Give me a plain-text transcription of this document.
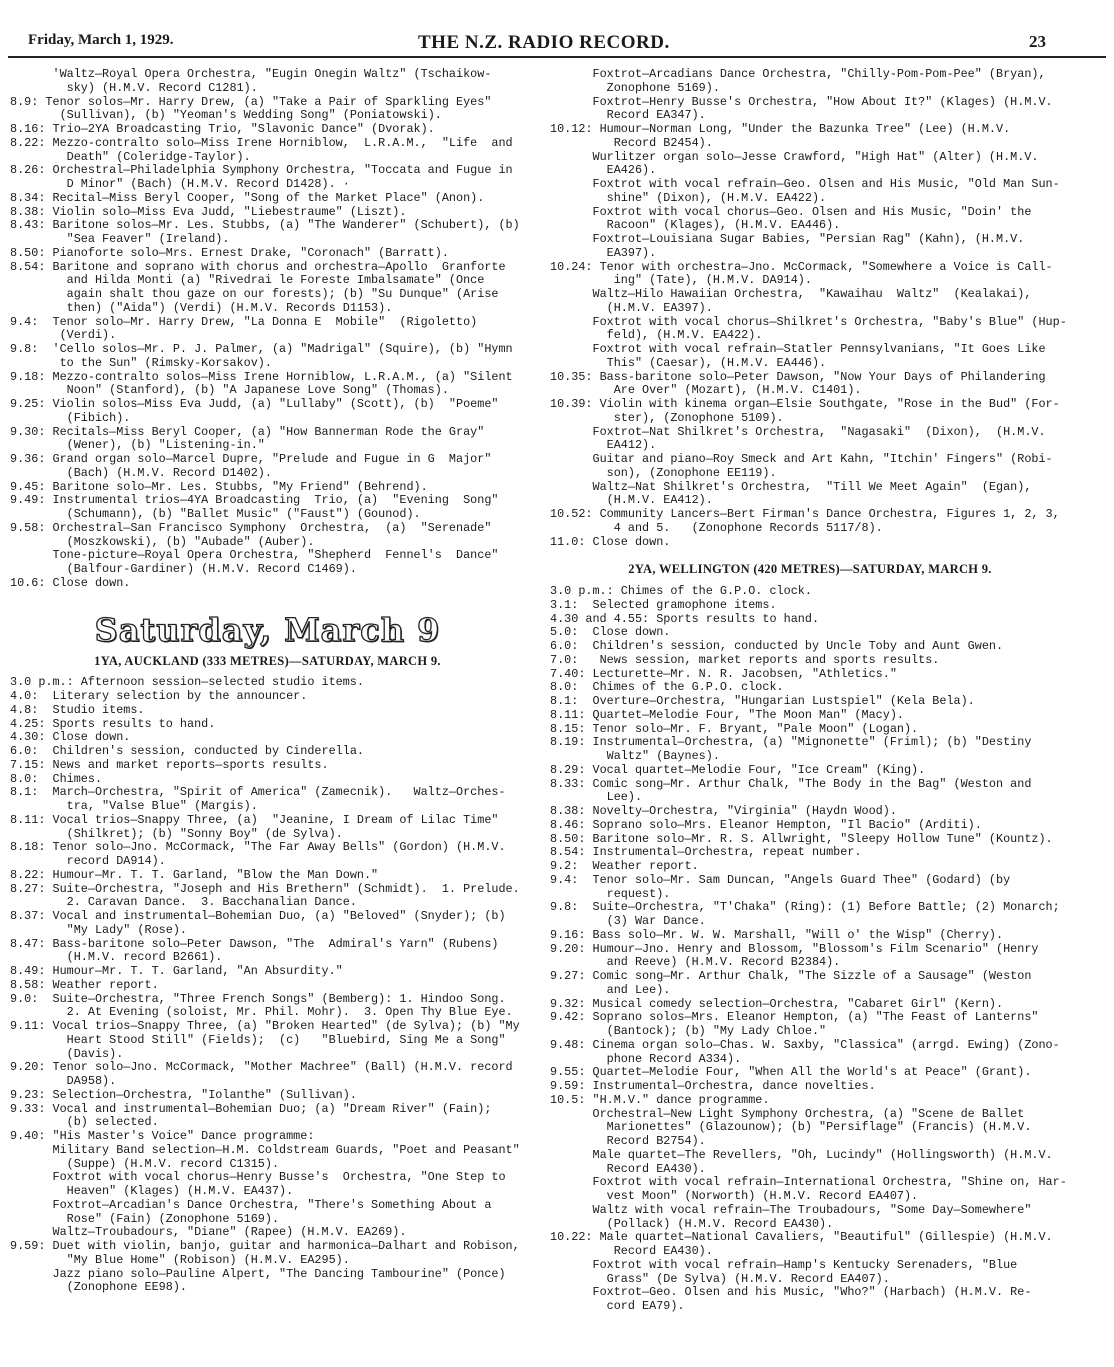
Friday, March 1, 1929.	THE N.Z. RADIO RECORD.	23

'Waltz—Royal Opera Orchestra, "Eugin Onegin Waltz" (Tschaikow-

sky) (H.M.V. Record C1281).
8.9: Tenor solos—Mr. Harry Drew, (a) "Take a Pair of Sparkling Eyes"

(Sullivan), (b) "Yeoman's Wedding Song" (Poniatowski).
8.16: Trio—2YA Broadcasting Trio, "Slavonic Dance" (Dvorak).
8.22: Mezzo-contralto solo—Miss Irene Horniblow,  L.R.A.M.,  "Life  and

Death" (Coleridge-Taylor).
8.26: Orchestral—Philadelphia Symphony Orchestra, "Toccata and Fugue in

D Minor" (Bach) (H.M.V. Record D1428). ·
8.34: Recital—Miss Beryl Cooper, "Song of the Market Place" (Anon).
8.38: Violin solo—Miss Eva Judd, "Liebestraume" (Liszt).
8.43: Baritone solos—Mr. Les. Stubbs, (a) "The Wanderer" (Schubert), (b)

"Sea Feaver" (Ireland).
8.50: Pianoforte solo—Mrs. Ernest Drake, "Coronach" (Barratt).
8.54: Baritone and soprano with chorus and orchestra—Apollo  Granforte

and Hilda Monti (a) "Rivedrai le Foreste Imbalsamate" (Once

again shalt thou gaze on our forests); (b) "Su Dunque" (Arise

then) ("Aida") (Verdi) (H.M.V. Records D1153).
9.4: Tenor solo—Mr. Harry Drew, "La Donna E  Mobile"  (Rigoletto)

(Verdi).
9.8: 'Cello solos—Mr. P. J. Palmer, (a) "Madrigal" (Squire), (b) "Hymn

to the Sun" (Rimsky-Korsakov).
9.18: Mezzo-contralto solos—Miss Irene Horniblow, L.R.A.M., (a) "Silent

Noon" (Stanford), (b) "A Japanese Love Song" (Thomas).
9.25: Violin solos—Miss Eva Judd, (a) "Lullaby" (Scott), (b)  "Poeme"

(Fibich).
9.30: Recitals—Miss Beryl Cooper, (a) "How Bannerman Rode the Gray"

(Wener), (b) "Listening-in."
9.36: Grand organ solo—Marcel Dupre, "Prelude and Fugue in G  Major"

(Bach) (H.M.V. Record D1402).
9.45: Baritone solo—Mr. Les. Stubbs, "My Friend" (Behrend).
9.49: Instrumental trios—4YA Broadcasting  Trio, (a)  "Evening  Song"

(Schumann), (b) "Ballet Music" ("Faust") (Gounod).
9.58: Orchestral—San Francisco Symphony  Orchestra,  (a)  "Serenade"

(Moszkowski), (b) "Aubade" (Auber).

Tone-picture—Royal Opera Orchestra, "Shepherd  Fennel's  Dance"

(Balfour-Gardiner) (H.M.V. Record C1469).
10.6: Close down.
Saturday, March 9
1YA, AUCKLAND (333 METRES)—SATURDAY, MARCH 9.
3.0 p.m.: Afternoon session—selected studio items.
4.0: Literary selection by the announcer.
4.8: Studio items.
4.25: Sports results to hand.
4.30: Close down.
6.0: Children's session, conducted by Cinderella.
7.15: News and market reports—sports results.
8.0: Chimes.
8.1: March—Orchestra, "Spirit of America" (Zamecnik).   Waltz—Orches-

tra, "Valse Blue" (Margis).
8.11: Vocal trios—Snappy Three, (a)  "Jeanine, I Dream of Lilac Time"

(Shilkret); (b) "Sonny Boy" (de Sylva).
8.18: Tenor solo—Jno. McCormack, "The Far Away Bells" (Gordon) (H.M.V.

record DA914).
8.22: Humour—Mr. T. T. Garland, "Blow the Man Down."
8.27: Suite—Orchestra, "Joseph and His Brethern" (Schmidt).  1. Prelude.

2. Caravan Dance.  3. Bacchanalian Dance.
8.37: Vocal and instrumental—Bohemian Duo, (a) "Beloved" (Snyder); (b)

"My Lady" (Rose).
8.47: Bass-baritone solo—Peter Dawson, "The  Admiral's Yarn" (Rubens)

(H.M.V. record B2661).
8.49: Humour—Mr. T. T. Garland, "An Absurdity."
8.58: Weather report.
9.0: Suite—Orchestra, "Three French Songs" (Bemberg): 1. Hindoo Song.

2. At Evening (soloist, Mr. Phil. Mohr).  3. Open Thy Blue Eye.
9.11: Vocal trios—Snappy Three, (a) "Broken Hearted" (de Sylva); (b) "My

Heart Stood Still" (Fields);  (c)   "Bluebird, Sing Me a Song"

(Davis).
9.20: Tenor solo—Jno. McCormack, "Mother Machree" (Ball) (H.M.V. record

DA958).
9.23: Selection—Orchestra, "Iolanthe" (Sullivan).
9.33: Vocal and instrumental—Bohemian Duo; (a) "Dream River" (Fain);

(b) selected.
9.40: "His Master's Voice" Dance programme:

Military Band selection—H.M. Coldstream Guards, "Poet and Peasant"

(Suppe) (H.M.V. record C1315).

Foxtrot with vocal chorus—Henry Busse's  Orchestra, "One Step to

Heaven" (Klages) (H.M.V. EA437).

Foxtrot—Arcadian's Dance Orchestra, "There's Something About a

Rose" (Fain) (Zonophone 5169).

Waltz—Troubadours, "Diane" (Rapee) (H.M.V. EA269).
9.59: Duet with violin, banjo, guitar and harmonica—Dalhart and Robison,

"My Blue Home" (Robison) (H.M.V. EA295).

Jazz piano solo—Pauline Alpert, "The Dancing Tambourine" (Ponce)

(Zonophone EE98).

Foxtrot—Arcadians Dance Orchestra, "Chilly-Pom-Pom-Pee" (Bryan),

Zonophone 5169).

Foxtrot—Henry Busse's Orchestra, "How About It?" (Klages) (H.M.V.

Record EA347).
10.12: Humour—Norman Long, "Under the Bazunka Tree" (Lee) (H.M.V.

Record B2454).

Wurlitzer organ solo—Jesse Crawford, "High Hat" (Alter) (H.M.V.

EA426).

Foxtrot with vocal refrain—Geo. Olsen and His Music, "Old Man Sun-

shine" (Dixon), (H.M.V. EA422).

Foxtrot with vocal chorus—Geo. Olsen and His Music, "Doin' the

Racoon" (Klages), (H.M.V. EA446).

Foxtrot—Louisiana Sugar Babies, "Persian Rag" (Kahn), (H.M.V.

EA397).
10.24: Tenor with orchestra—Jno. McCormack, "Somewhere a Voice is Call-

ing" (Tate), (H.M.V. DA914).

Waltz—Hilo Hawaiian Orchestra,  "Kawaihau  Waltz"  (Kealakai),

(H.M.V. EA397).

Foxtrot with vocal chorus—Shilkret's Orchestra, "Baby's Blue" (Hup-

feld), (H.M.V. EA422).

Foxtrot with vocal refrain—Statler Pennsylvanians, "It Goes Like

This" (Caesar), (H.M.V. EA446).
10.35: Bass-baritone solo—Peter Dawson, "Now Your Days of Philandering

Are Over" (Mozart), (H.M.V. C1401).
10.39: Violin with kinema organ—Elsie Southgate, "Rose in the Bud" (For-

ster), (Zonophone 5109).

Foxtrot—Nat Shilkret's Orchestra,  "Nagasaki"  (Dixon),  (H.M.V.

EA412).

Guitar and piano—Roy Smeck and Art Kahn, "Itchin' Fingers" (Robi-

son), (Zonophone EE119).

Waltz—Nat Shilkret's Orchestra,  "Till We Meet Again"  (Egan),

(H.M.V. EA412).
10.52: Community Lancers—Bert Firman's Dance Orchestra, Figures 1, 2, 3,

4 and 5.   (Zonophone Records 5117/8).
11.0: Close down.
2YA, WELLINGTON (420 METRES)—SATURDAY, MARCH 9.
3.0 p.m.: Chimes of the G.P.O. clock.
3.1: Selected gramophone items.
4.30 and 4.55: Sports results to hand.
5.0: Close down.
6.0: Children's session, conducted by Uncle Toby and Aunt Gwen.
7.0: News session, market reports and sports results.
7.40: Lecturette—Mr. N. R. Jacobsen, "Athletics."
8.0: Chimes of the G.P.O. clock.
8.1: Overture—Orchestra, "Hungarian Lustspiel" (Kela Bela).
8.11: Quartet—Melodie Four, "The Moon Man" (Macy).
8.15: Tenor solo—Mr. F. Bryant, "Pale Moon" (Logan).
8.19: Instrumental—Orchestra, (a) "Mignonette" (Friml); (b) "Destiny

Waltz" (Baynes).
8.29: Vocal quartet—Melodie Four, "Ice Cream" (King).
8.33: Comic song—Mr. Arthur Chalk, "The Body in the Bag" (Weston and

Lee).
8.38: Novelty—Orchestra, "Virginia" (Haydn Wood).
8.46: Soprano solo—Mrs. Eleanor Hempton, "Il Bacio" (Arditi).
8.50: Baritone solo—Mr. R. S. Allwright, "Sleepy Hollow Tune" (Kountz).
8.54: Instrumental—Orchestra, repeat number.
9.2: Weather report.
9.4: Tenor solo—Mr. Sam Duncan, "Angels Guard Thee" (Godard) (by

request).
9.8: Suite—Orchestra, "T'Chaka" (Ring): (1) Before Battle; (2) Monarch;

(3) War Dance.
9.16: Bass solo—Mr. W. W. Marshall, "Will o' the Wisp" (Cherry).
9.20: Humour—Jno. Henry and Blossom, "Blossom's Film Scenario" (Henry

and Reeve) (H.M.V. Record B2384).
9.27: Comic song—Mr. Arthur Chalk, "The Sizzle of a Sausage" (Weston

and Lee).
9.32: Musical comedy selection—Orchestra, "Cabaret Girl" (Kern).
9.42: Soprano solos—Mrs. Eleanor Hempton, (a) "The Feast of Lanterns"

(Bantock); (b) "My Lady Chloe."
9.48: Cinema organ solo—Chas. W. Saxby, "Classica" (arrgd. Ewing) (Zono-

phone Record A334).
9.55: Quartet—Melodie Four, "When All the World's at Peace" (Grant).
9.59: Instrumental—Orchestra, dance novelties.
10.5: "H.M.V." dance programme.

Orchestral—New Light Symphony Orchestra, (a) "Scene de Ballet

Marionettes" (Glazounow); (b) "Persiflage" (Francis) (H.M.V.

Record B2754).

Male quartet—The Revellers, "Oh, Lucindy" (Hollingsworth) (H.M.V.

Record EA430).

Foxtrot with vocal refrain—International Orchestra, "Shine on, Har-

vest Moon" (Norworth) (H.M.V. Record EA407).

Waltz with vocal refrain—The Troubadours, "Some Day—Somewhere"

(Pollack) (H.M.V. Record EA430).
10.22: Male quartet—National Cavaliers, "Beautiful" (Gillespie) (H.M.V.

Record EA430).

Foxtrot with vocal refrain—Hamp's Kentucky Serenaders, "Blue

Grass" (De Sylva) (H.M.V. Record EA407).

Foxtrot—Geo. Olsen and his Music, "Who?" (Harbach) (H.M.V. Re-

cord EA79).
